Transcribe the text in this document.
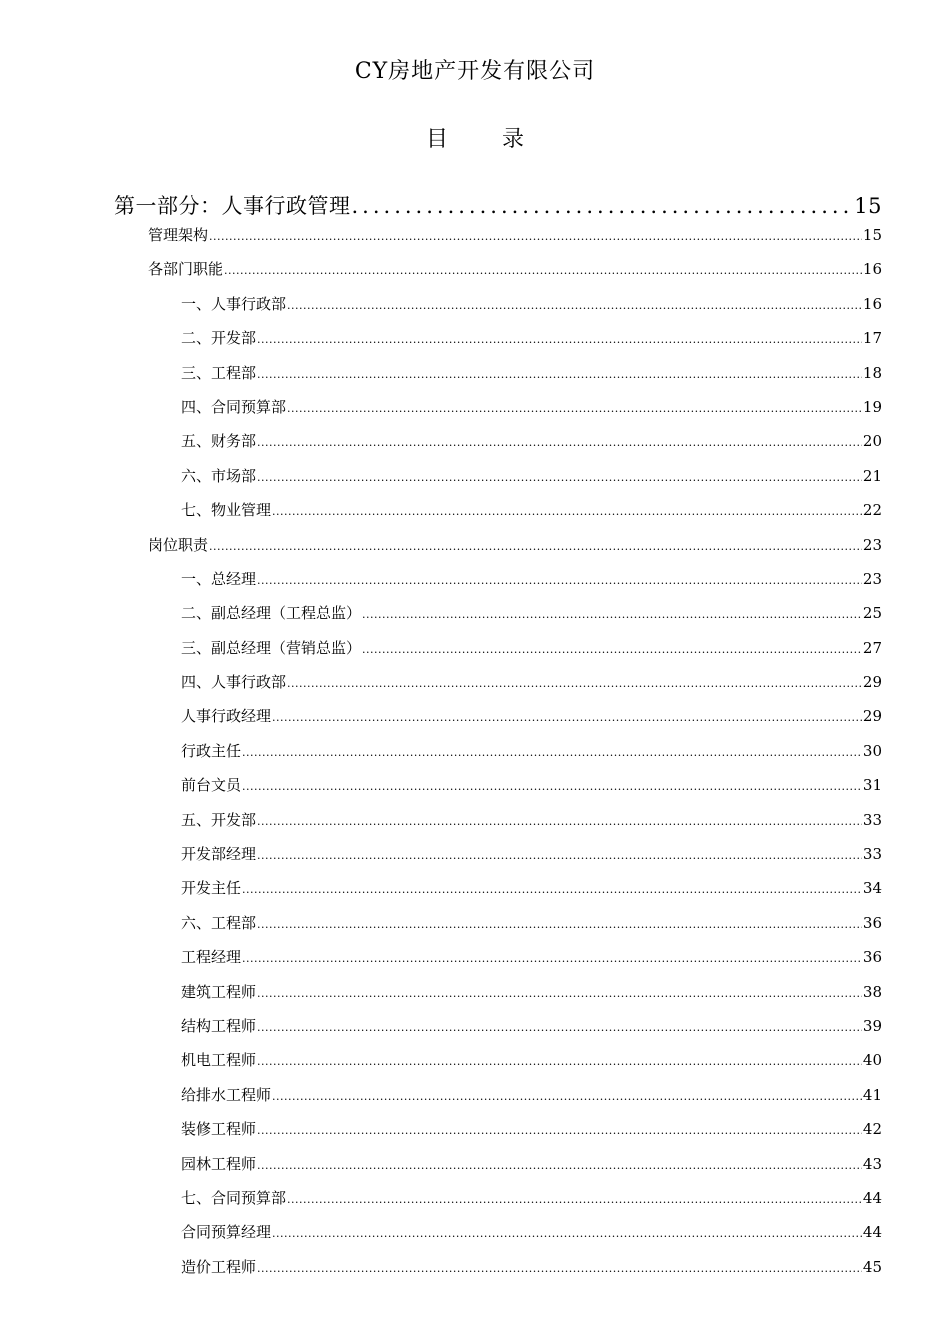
CY房地产开发有限公司
目　录
第一部分：人事行政管理 .....	15
管理架构 .....	15
各部门职能 .....	16
一、人事行政部 .....	16
二、开发部 .....	17
三、工程部 .....	18
四、合同预算部 .....	19
五、财务部 .....	20
六、市场部 .....	21
七、物业管理 .....	22
岗位职责 .....	23
一、总经理 .....	23
二、副总经理（工程总监） .....	25
三、副总经理（营销总监） .....	27
四、人事行政部 .....	29
人事行政经理 .....	29
行政主任 .....	30
前台文员 .....	31
五、开发部 .....	33
开发部经理 .....	33
开发主任 .....	34
六、工程部 .....	36
工程经理 .....	36
建筑工程师 .....	38
结构工程师 .....	39
机电工程师 .....	40
给排水工程师 .....	41
装修工程师 .....	42
园林工程师 .....	43
七、合同预算部 .....	44
合同预算经理 .....	44
造价工程师 .....	45
